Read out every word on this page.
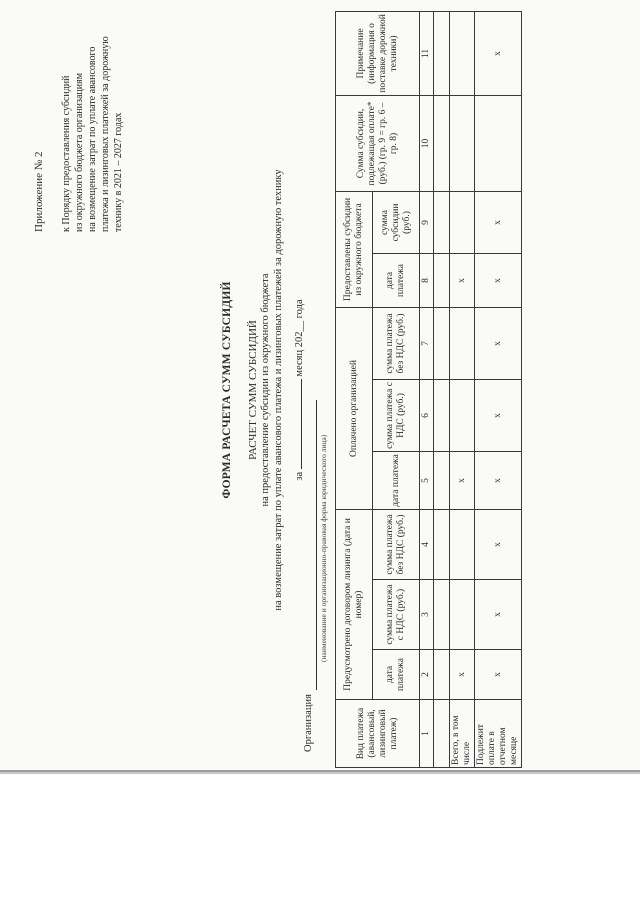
Приложение № 2 к Порядку предоставления субсидий из окружного бюджета организациям на возмещение затрат по уплате авансового платежа и лизинговых платежей за дорожную технику в 2021 – 2027 годах
ФОРМА РАСЧЕТА СУММ СУБСИДИЙ РАСЧЕТ СУММ СУБСИДИЙ на предоставление субсидии из окружного бюджета на возмещение затрат по уплате авансового платежа и лизинговых платежей за дорожную технику за  месяц 202__ года
Организация
(наименование и организационно-правовая форма юридического лица)
Вид платежа (авансовый, лизинговый платеж)	Предусмотрено договором лизинга (дата и номер)			Оплачено организацией			Предоставлены субсидии из окружного бюджета		Сумма субсидии, подлежащая оплате* (руб.) (гр. 9 = гр. 6 – гр. 8)	Примечание (информация о поставке дорожной техники)
	дата платежа	сумма платежа с НДС (руб.)	сумма платежа без НДС (руб.)	дата платежа	сумма платежа с НДС (руб.)	сумма платежа без НДС (руб.)	дата платежа	сумма субсидии (руб.)		
1	2	3	4	5	6	7	8	9	10	11

Всего, в том числе	х			х			х			
Подлежит оплате в отчетном месяце	х	х	х	х	х	х	х	х		х
